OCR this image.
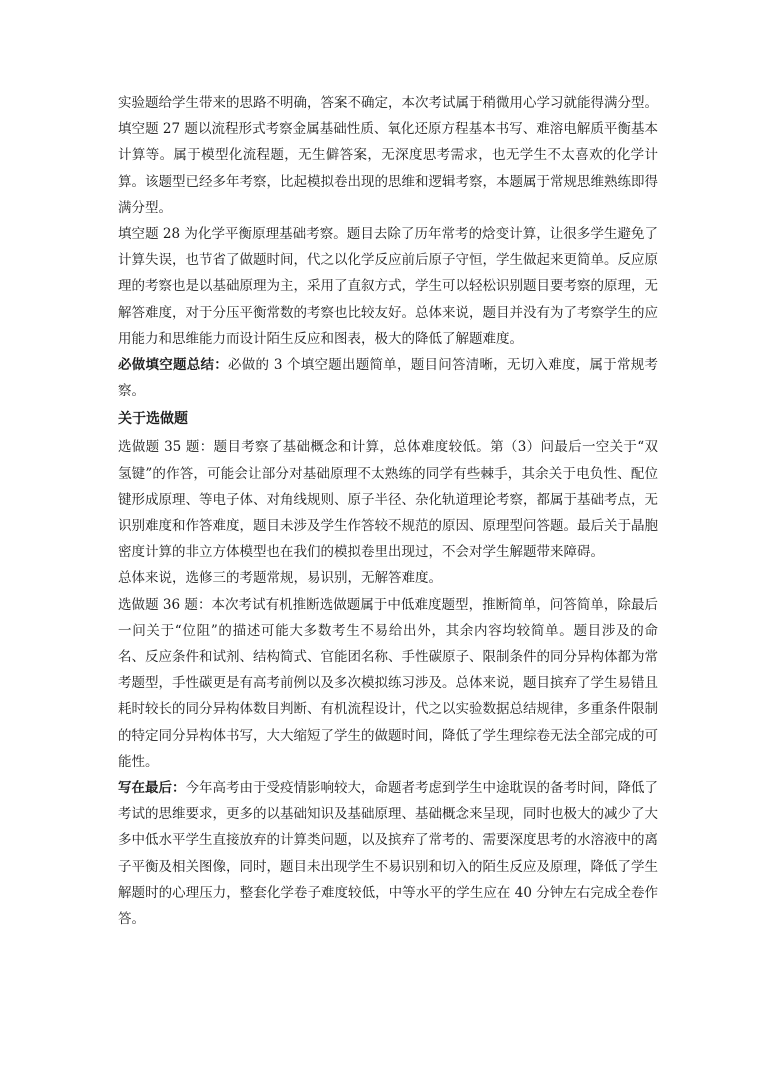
实验题给学生带来的思路不明确，答案不确定，本次考试属于稍微用心学习就能得满分型。

填空题 27 题以流程形式考察金属基础性质、氧化还原方程基本书写、难溶电解质平衡基本计算等。属于模型化流程题，无生僻答案，无深度思考需求，也无学生不太喜欢的化学计算。该题型已经多年考察，比起模拟卷出现的思维和逻辑考察，本题属于常规思维熟练即得满分型。

填空题 28 为化学平衡原理基础考察。题目去除了历年常考的焓变计算，让很多学生避免了计算失误，也节省了做题时间，代之以化学反应前后原子守恒，学生做起来更简单。反应原理的考察也是以基础原理为主，采用了直叙方式，学生可以轻松识别题目要考察的原理，无解答难度，对于分压平衡常数的考察也比较友好。总体来说，题目并没有为了考察学生的应用能力和思维能力而设计陌生反应和图表，极大的降低了解题难度。

必做填空题总结：必做的 3 个填空题出题简单，题目问答清晰，无切入难度，属于常规考察。

关于选做题

选做题 35 题：题目考察了基础概念和计算，总体难度较低。第（3）问最后一空关于“双氢键”的作答，可能会让部分对基础原理不太熟练的同学有些棘手，其余关于电负性、配位键形成原理、等电子体、对角线规则、原子半径、杂化轨道理论考察，都属于基础考点，无识别难度和作答难度，题目未涉及学生作答较不规范的原因、原理型问答题。最后关于晶胞密度计算的非立方体模型也在我们的模拟卷里出现过，不会对学生解题带来障碍。

总体来说，选修三的考题常规，易识别，无解答难度。

选做题 36 题：本次考试有机推断选做题属于中低难度题型，推断简单，问答简单，除最后一问关于“位阻”的描述可能大多数考生不易给出外，其余内容均较简单。题目涉及的命名、反应条件和试剂、结构简式、官能团名称、手性碳原子、限制条件的同分异构体都为常考题型，手性碳更是有高考前例以及多次模拟练习涉及。总体来说，题目摈弃了学生易错且耗时较长的同分异构体数目判断、有机流程设计，代之以实验数据总结规律，多重条件限制的特定同分异构体书写，大大缩短了学生的做题时间，降低了学生理综卷无法全部完成的可能性。

写在最后：今年高考由于受疫情影响较大，命题者考虑到学生中途耽误的备考时间，降低了考试的思维要求，更多的以基础知识及基础原理、基础概念来呈现，同时也极大的减少了大多中低水平学生直接放弃的计算类问题，以及摈弃了常考的、需要深度思考的水溶液中的离子平衡及相关图像，同时，题目未出现学生不易识别和切入的陌生反应及原理，降低了学生解题时的心理压力，整套化学卷子难度较低，中等水平的学生应在 40 分钟左右完成全卷作答。
